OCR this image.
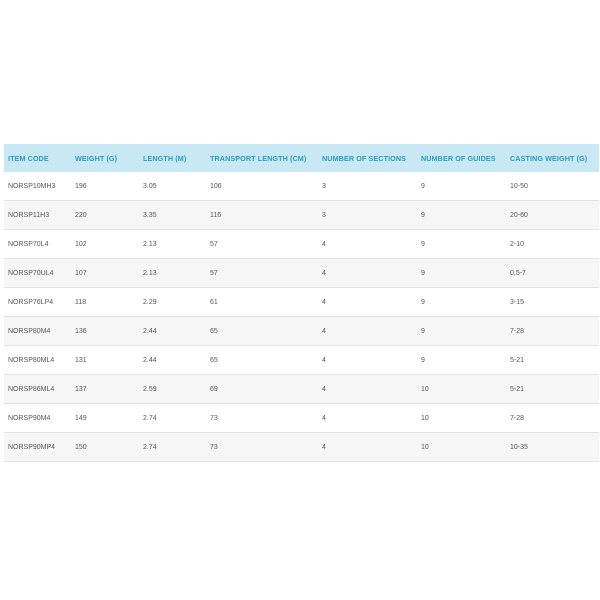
ITEM CODE	WEIGHT (G)	LENGTH (M)	TRANSPORT LENGTH (CM)	NUMBER OF SECTIONS	NUMBER OF GUIDES	CASTING WEIGHT (G)
NORSP10MH3	196	3.05	106	3	9	10-50
NORSP11H3	220	3.35	116	3	9	20-60
NORSP70L4	102	2.13	57	4	9	2-10
NORSP70UL4	107	2.13	57	4	9	0,5-7
NORSP76LP4	118	2.29	61	4	9	3-15
NORSP80M4	136	2.44	65	4	9	7-28
NORSP80ML4	131	2.44	65	4	9	5-21
NORSP86ML4	137	2.59	69	4	10	5-21
NORSP90M4	149	2.74	73	4	10	7-28
NORSP90MP4	150	2.74	73	4	10	10-35
